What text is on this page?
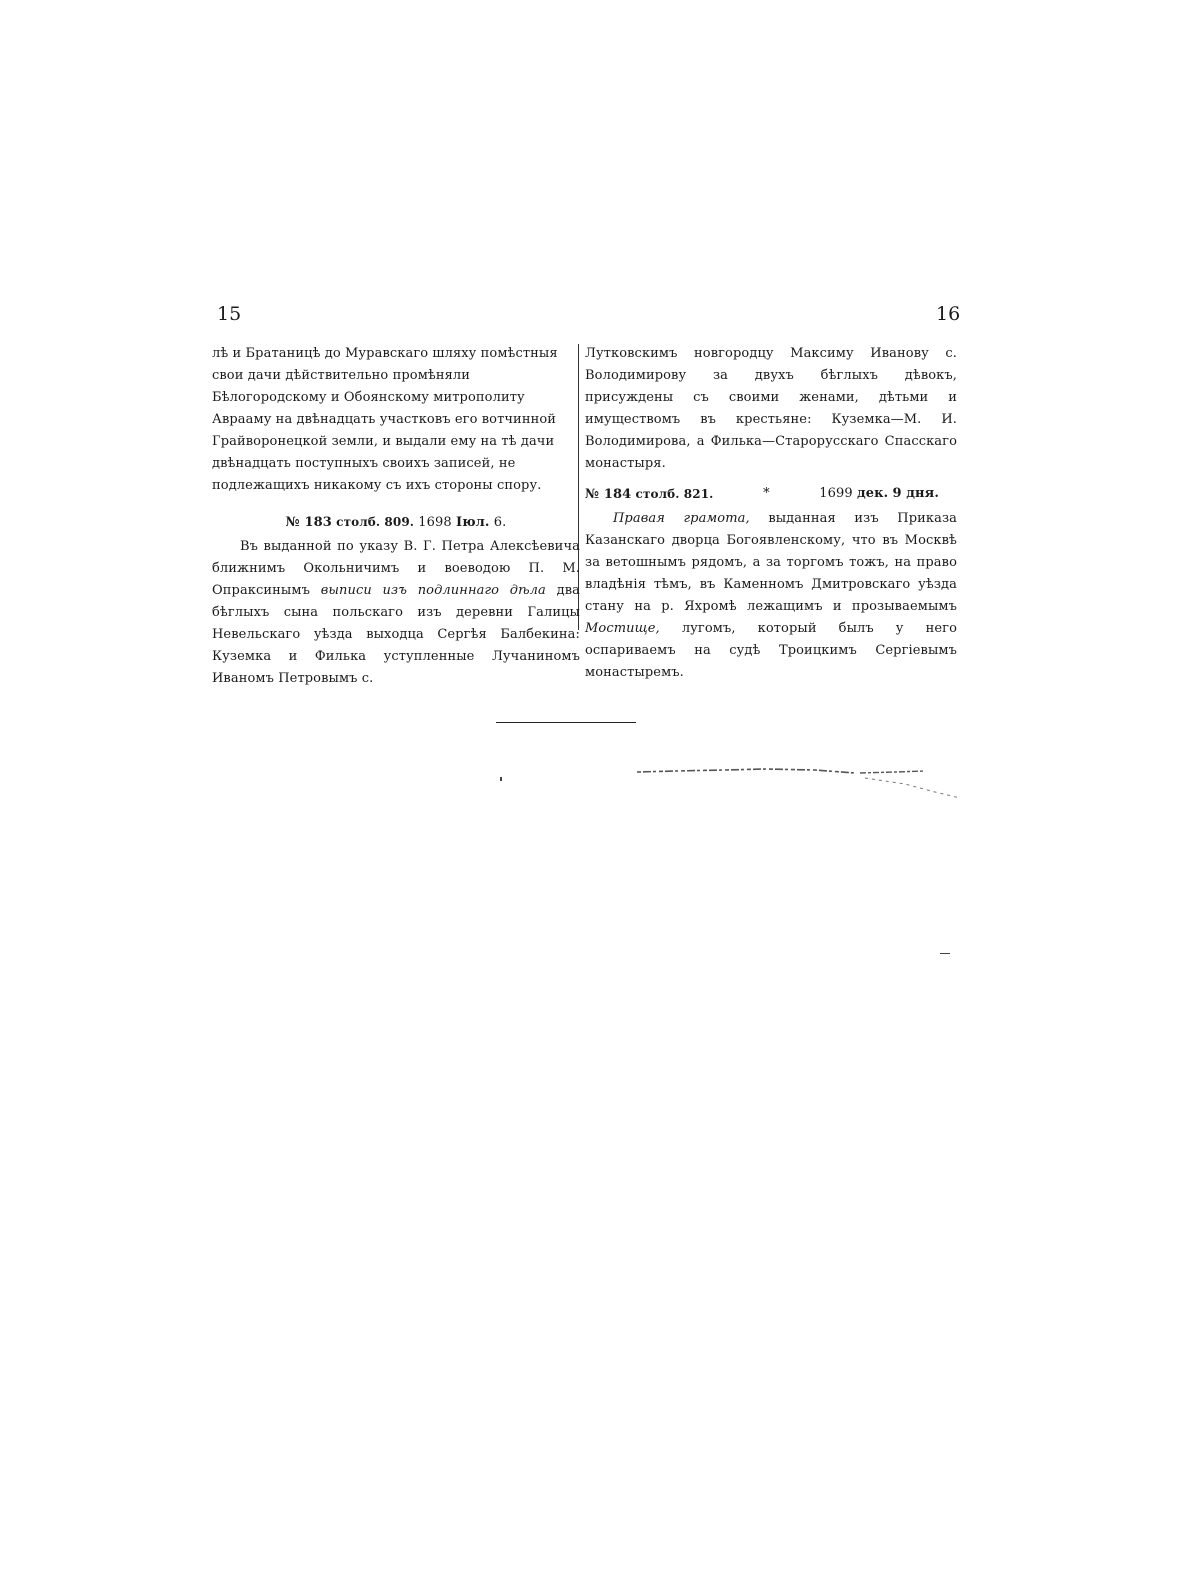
15	16

лѣ и Братаницѣ до Муравскаго шляху помѣстныя свои дачи дѣйствительно промѣняли Бѣлогородскому и Обоянскому митрополиту Аврааму на двѣнадцать участковъ его вотчинной Грайворонецкой земли, и выдали ему на тѣ дачи двѣнадцать поступныхъ своихъ записей, не подлежащихъ никакому съ ихъ стороны спору.

№ 183 столб. 809. 1698 Iюл. 6.

Въ выданной по указу В. Г. Петра Алексѣевича ближнимъ Окольничимъ и воеводою П. М. Опраксинымъ выписи изъ подлиннаго дѣла два бѣглыхъ сына польскаго изъ деревни Галицы Невельскаго уѣзда выходца Сергѣя Балбекина: Куземка и Филька уступленные Лучаниномъ Иваномъ Петровымъ с.

Лутковскимъ новгородцу Максиму Иванову с. Володимирову за двухъ бѣглыхъ дѣвокъ, присуждены съ своими женами, дѣтьми и имуществомъ въ крестьяне: Куземка—М. И. Володимирова, а Филька—Старорусскаго Спасскаго монастыря.

№ 184 столб. 821.	*	1699 дек. 9 дня.

Правая грамота, выданная изъ Приказа Казанскаго дворца Богоявленскому, что въ Москвѣ за ветошнымъ рядомъ, а за торгомъ тожъ, на право владѣнія тѣмъ, въ Каменномъ Дмитровскаго уѣзда стану на р. Яхромѣ лежащимъ и прозываемымъ Мостище, лугомъ, который былъ у него оспариваемъ на судѣ Троицкимъ Сергіевымъ монастыремъ.
